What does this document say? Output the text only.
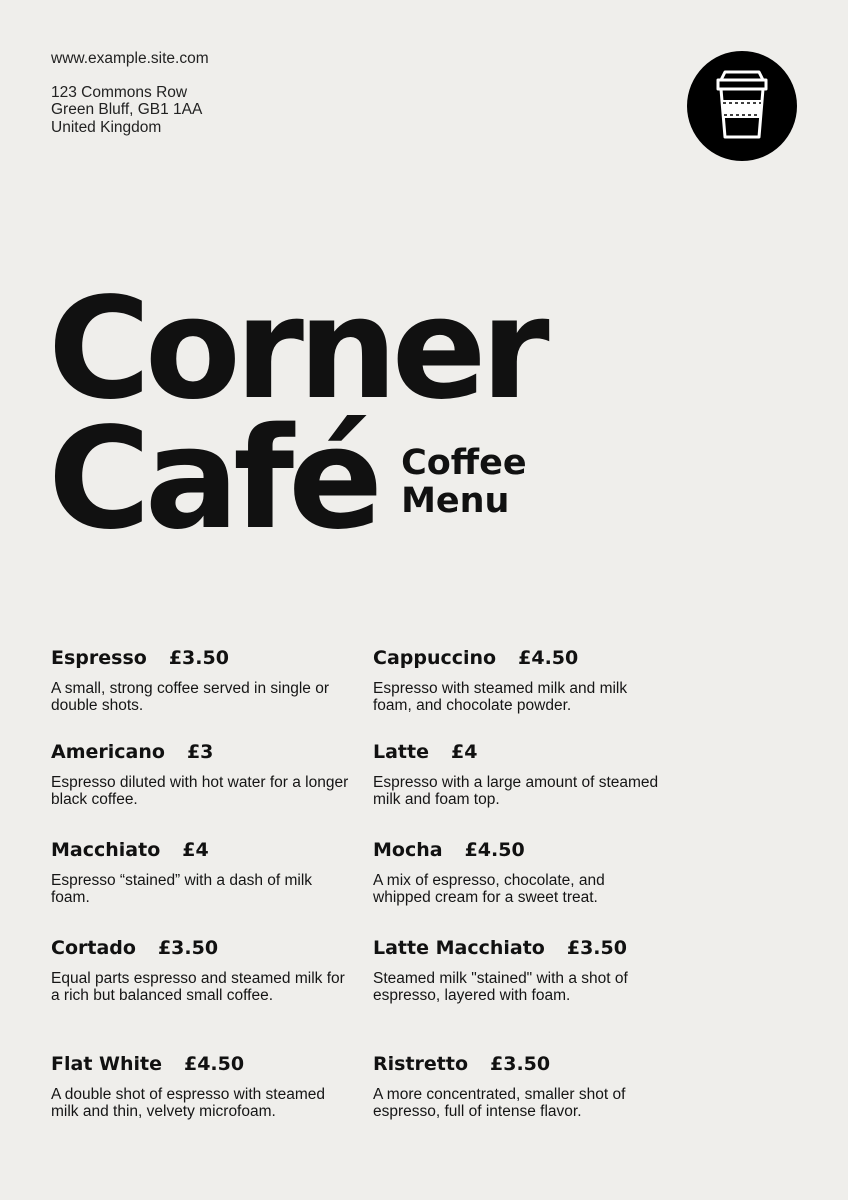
www.example.site.com
123 Commons Row
Green Bluff, GB1 1AA
United Kingdom
Corner
Café Coffee
Menu
Espresso £3.50
A small, strong coffee served in single or double shots.
Americano £3
Espresso diluted with hot water for a longer black coffee.
Macchiato £4
Espresso “stained” with a dash of milk foam.
Cortado £3.50
Equal parts espresso and steamed milk for a rich but balanced small coffee.
Flat White £4.50
A double shot of espresso with steamed milk and thin, velvety microfoam.
Cappuccino £4.50
Espresso with steamed milk and milk foam, and chocolate powder.
Latte £4
Espresso with a large amount of steamed milk and foam top.
Mocha £4.50
A mix of espresso, chocolate, and whipped cream for a sweet treat.
Latte Macchiato £3.50
Steamed milk "stained" with a shot of espresso, layered with foam.
Ristretto £3.50
A more concentrated, smaller shot of espresso, full of intense flavor.
